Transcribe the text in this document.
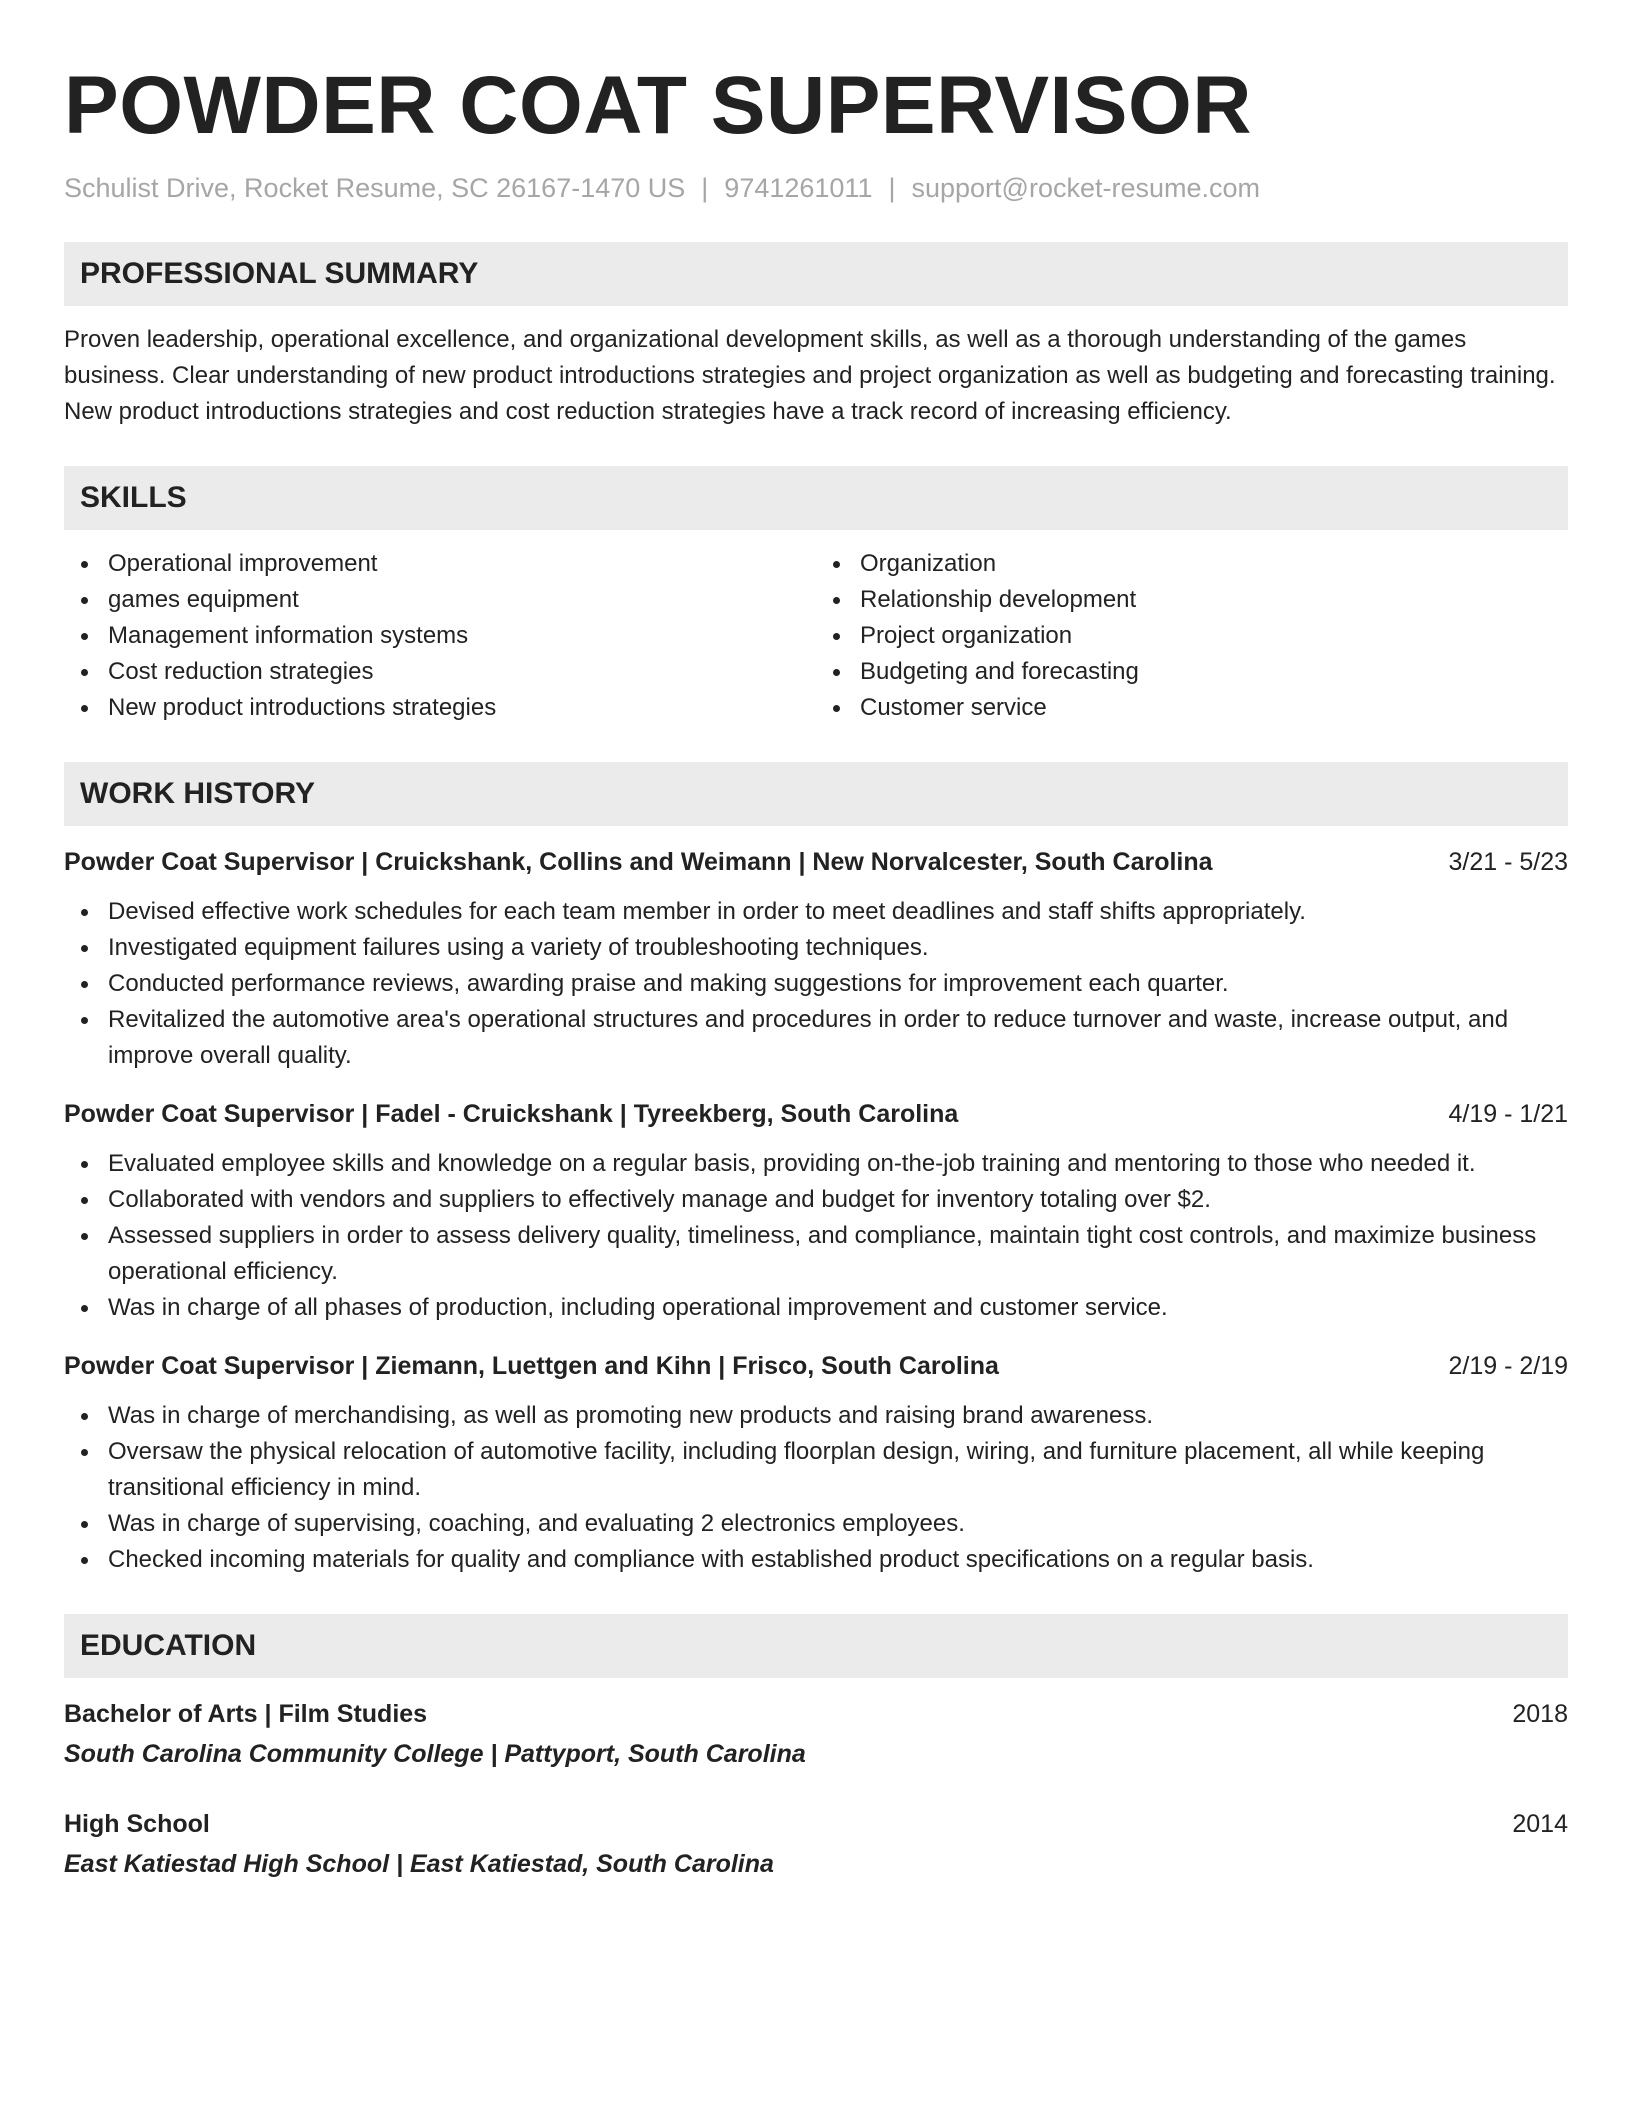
POWDER COAT SUPERVISOR
Schulist Drive, Rocket Resume, SC 26167-1470 US | 9741261011 | support@rocket-resume.com
PROFESSIONAL SUMMARY

Proven leadership, operational excellence, and organizational development skills, as well as a thorough understanding of the games business. Clear understanding of new product introductions strategies and project organization as well as budgeting and forecasting training. New product introductions strategies and cost reduction strategies have a track record of increasing efficiency.

SKILLS
Operational improvement
games equipment
Management information systems
Cost reduction strategies
New product introductions strategies
Organization
Relationship development
Project organization
Budgeting and forecasting
Customer service
WORK HISTORY
Powder Coat Supervisor | Cruickshank, Collins and Weimann | New Norvalcester, South Carolina	3/21 - 5/23
Devised effective work schedules for each team member in order to meet deadlines and staff shifts appropriately.
Investigated equipment failures using a variety of troubleshooting techniques.
Conducted performance reviews, awarding praise and making suggestions for improvement each quarter.
Revitalized the automotive area's operational structures and procedures in order to reduce turnover and waste, increase output, and improve overall quality.
Powder Coat Supervisor | Fadel - Cruickshank | Tyreekberg, South Carolina	4/19 - 1/21
Evaluated employee skills and knowledge on a regular basis, providing on-the-job training and mentoring to those who needed it.
Collaborated with vendors and suppliers to effectively manage and budget for inventory totaling over $2.
Assessed suppliers in order to assess delivery quality, timeliness, and compliance, maintain tight cost controls, and maximize business operational efficiency.
Was in charge of all phases of production, including operational improvement and customer service.
Powder Coat Supervisor | Ziemann, Luettgen and Kihn | Frisco, South Carolina	2/19 - 2/19
Was in charge of merchandising, as well as promoting new products and raising brand awareness.
Oversaw the physical relocation of automotive facility, including floorplan design, wiring, and furniture placement, all while keeping transitional efficiency in mind.
Was in charge of supervising, coaching, and evaluating 2 electronics employees.
Checked incoming materials for quality and compliance with established product specifications on a regular basis.
EDUCATION
Bachelor of Arts | Film Studies	2018
South Carolina Community College | Pattyport, South Carolina
High School	2014
East Katiestad High School | East Katiestad, South Carolina
